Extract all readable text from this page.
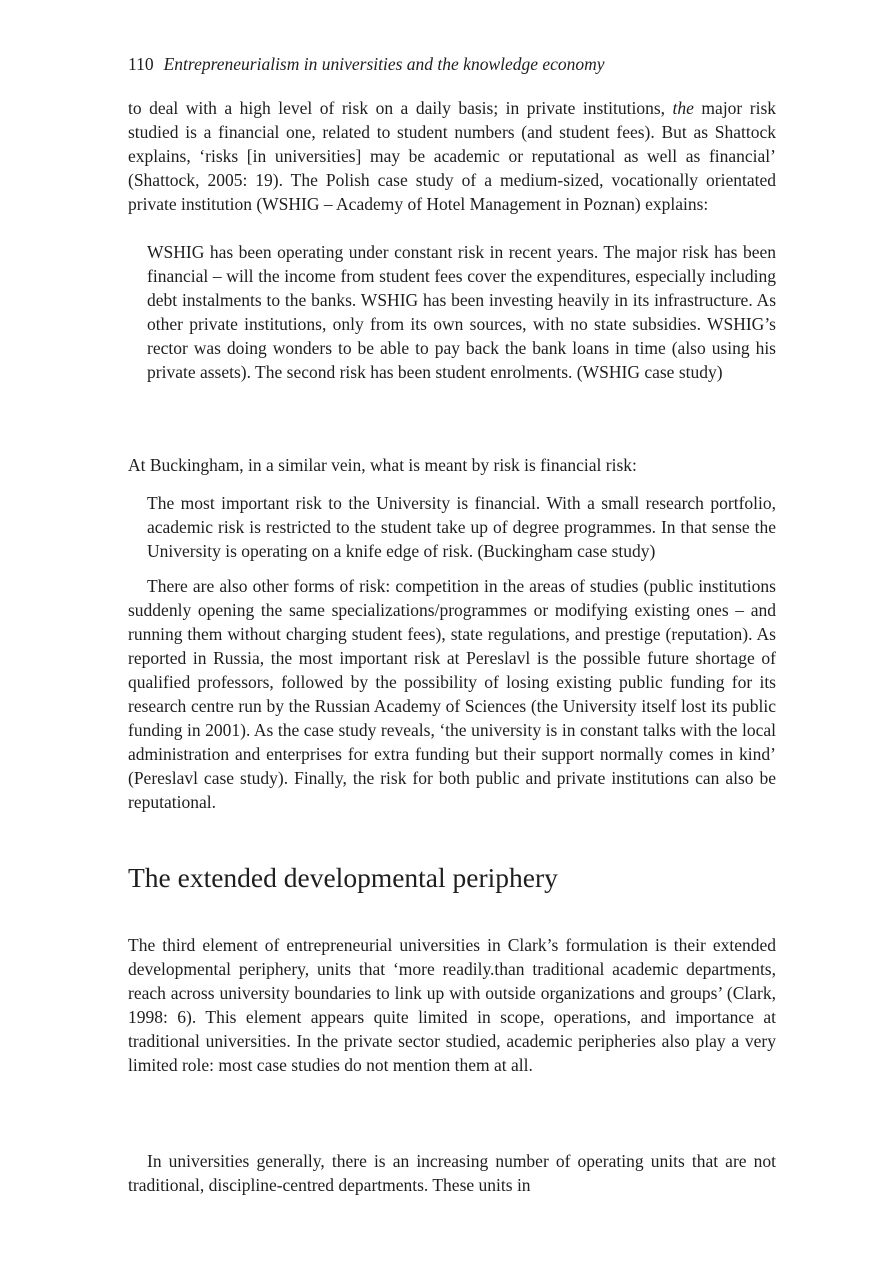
110 Entrepreneurialism in universities and the knowledge economy

to deal with a high level of risk on a daily basis; in private institutions, the major risk studied is a financial one, related to student numbers (and student fees). But as Shattock explains, ‘risks [in universities] may be academic or reputational as well as financial’ (Shattock, 2005: 19). The Polish case study of a medium-sized, vocationally orientated private institution (WSHIG – Academy of Hotel Management in Poznan) explains:

WSHIG has been operating under constant risk in recent years. The major risk has been financial – will the income from student fees cover the expenditures, especially including debt instalments to the banks. WSHIG has been investing heavily in its infrastructure. As other private institutions, only from its own sources, with no state subsidies. WSHIG’s rector was doing wonders to be able to pay back the bank loans in time (also using his private assets). The second risk has been student enrolments. (WSHIG case study)

At Buckingham, in a similar vein, what is meant by risk is financial risk:

The most important risk to the University is financial. With a small research portfolio, academic risk is restricted to the student take up of degree programmes. In that sense the University is operating on a knife edge of risk. (Buckingham case study)

There are also other forms of risk: competition in the areas of studies (public institutions suddenly opening the same specializations/programmes or modifying existing ones – and running them without charging student fees), state regulations, and prestige (reputation). As reported in Russia, the most important risk at Pereslavl is the possible future shortage of qualified professors, followed by the possibility of losing existing public funding for its research centre run by the Russian Academy of Sciences (the University itself lost its public funding in 2001). As the case study reveals, ‘the university is in constant talks with the local administration and enterprises for extra funding but their support normally comes in kind’ (Pereslavl case study). Finally, the risk for both public and private institutions can also be reputational.

The extended developmental periphery

The third element of entrepreneurial universities in Clark’s formulation is their extended developmental periphery, units that ‘more readily.than traditional academic departments, reach across university boundaries to link up with outside organizations and groups’ (Clark, 1998: 6). This element appears quite limited in scope, operations, and importance at traditional universities. In the private sector studied, academic peripheries also play a very limited role: most case studies do not mention them at all.

In universities generally, there is an increasing number of operating units that are not traditional, discipline-centred departments. These units in
